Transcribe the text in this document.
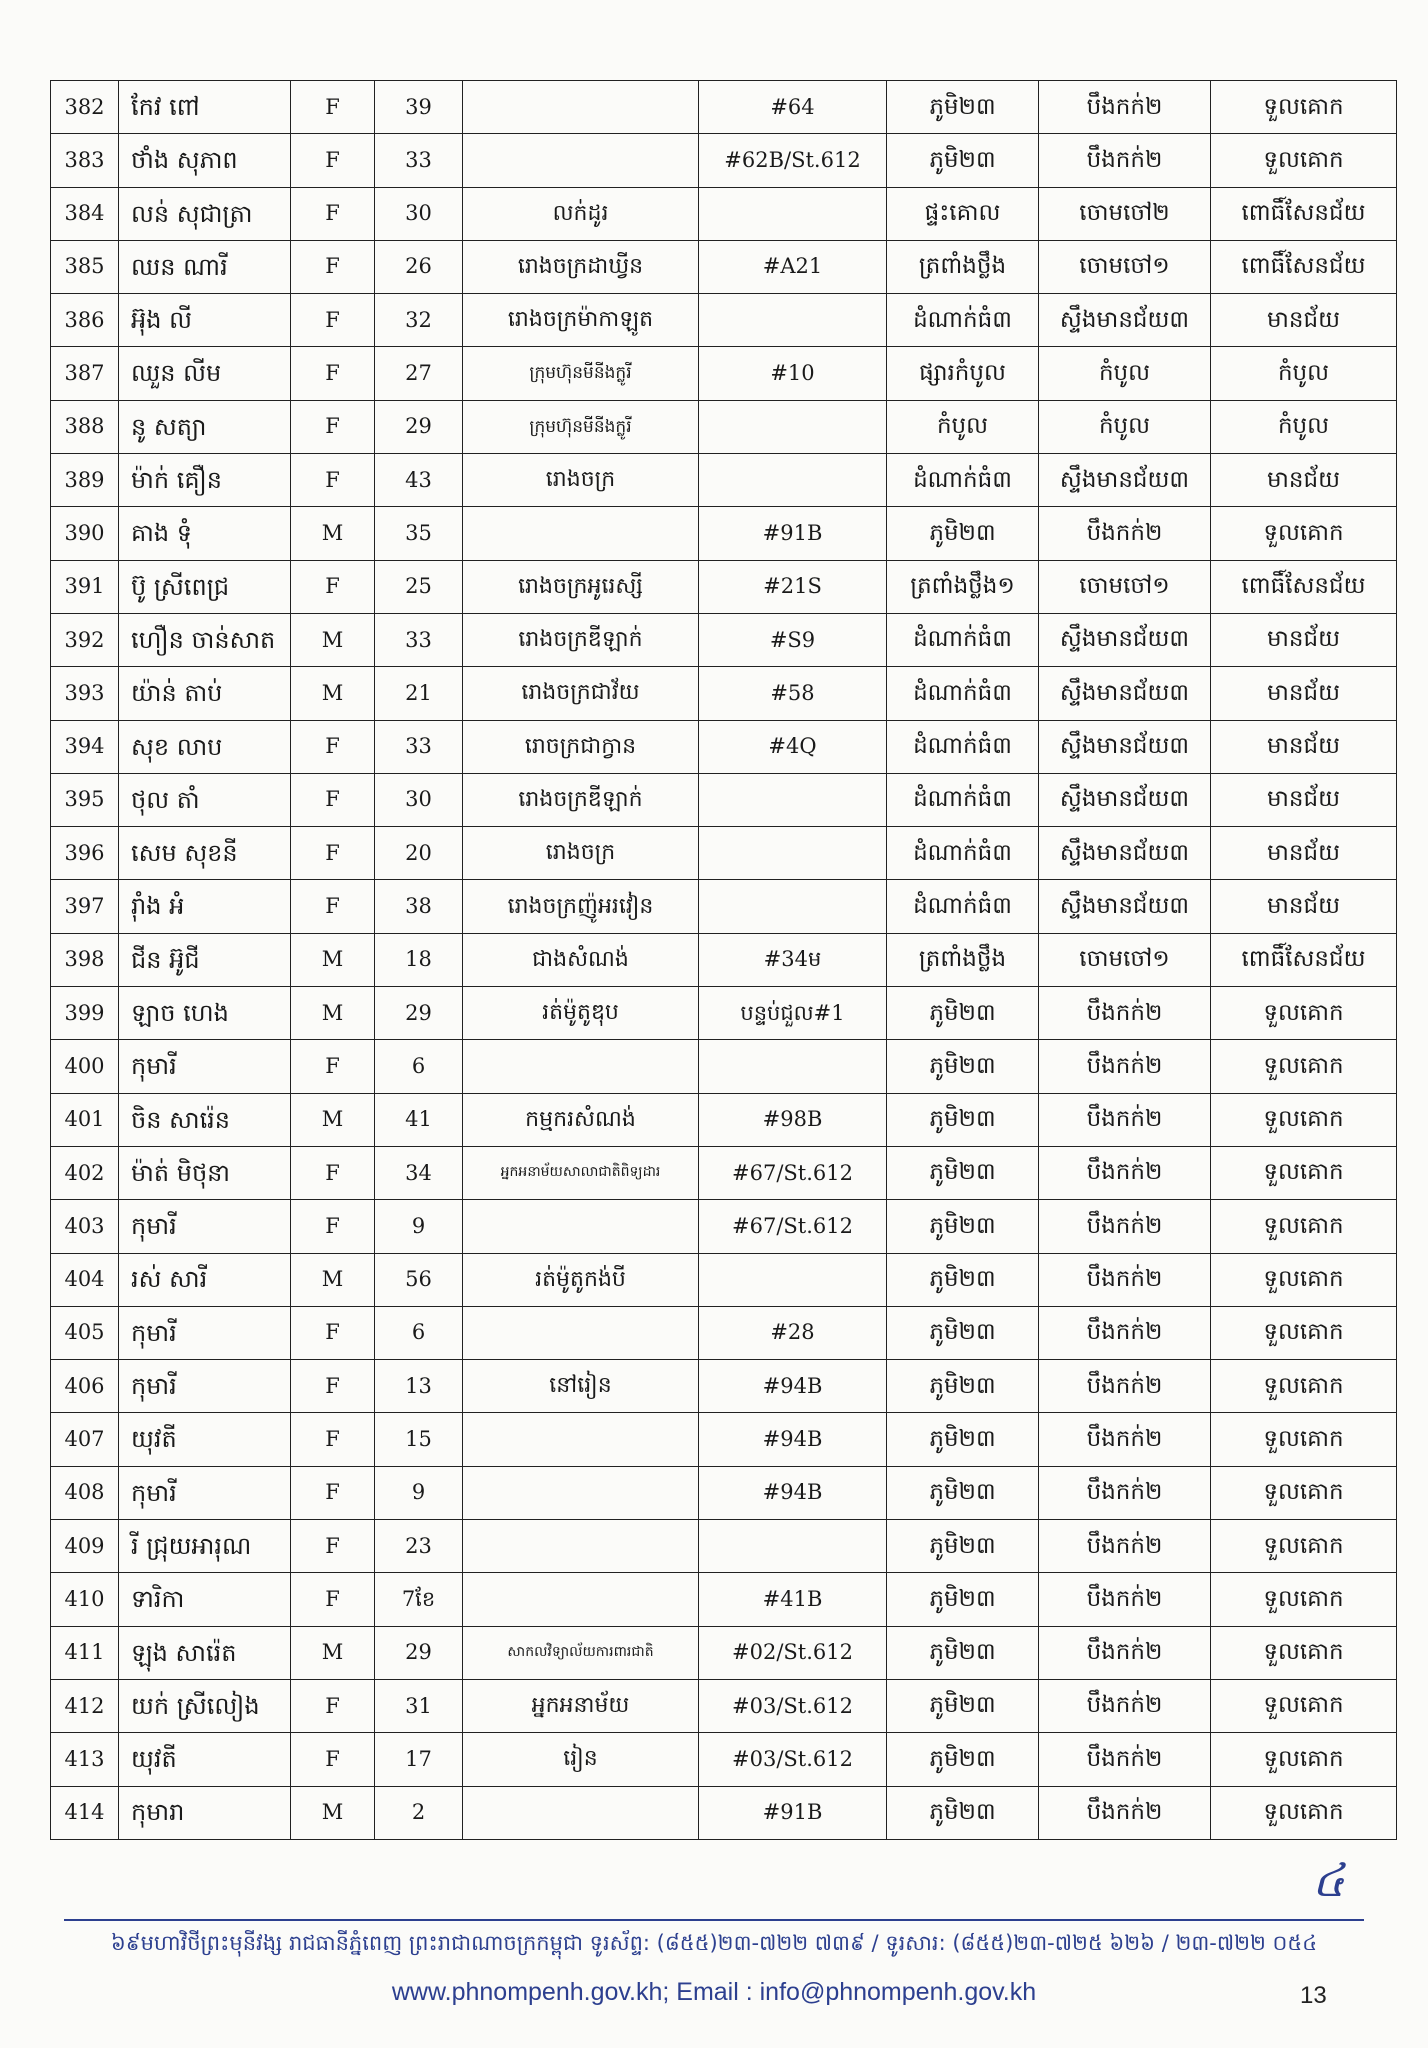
382	កែវ ពៅ	F	39		#64	ភូមិ២៣	បឹងកក់២	ទួលគោក
383	ថាំង សុភាព	F	33		#62B/St.612	ភូមិ២៣	បឹងកក់២	ទួលគោក
384	លន់ សុជាត្រា	F	30	លក់ដូរ		ផ្ទះគោល	ចោមចៅ២	ពោធិ៍សែនជ័យ
385	ឈន ណារី	F	26	រោងចក្រដាឃ្វីន	#A21	ត្រពាំងថ្លឹង	ចោមចៅ១	ពោធិ៍សែនជ័យ
386	អ៊ុង លី	F	32	រោងចក្រម៉ាកាឡូត		ដំណាក់ធំ៣	ស្ទឹងមានជ័យ៣	មានជ័យ
387	ឈួន លីម	F	27	ក្រុមហ៊ុនមីនីងក្លូរី	#10	ផ្សារកំបូល	កំបូល	កំបូល
388	នូ សត្យា	F	29	ក្រុមហ៊ុនមីនីងក្លូរី		កំបូល	កំបូល	កំបូល
389	ម៉ាក់ គឿន	F	43	រោងចក្រ		ដំណាក់ធំ៣	ស្ទឹងមានជ័យ៣	មានជ័យ
390	គាង ទុំ	M	35		#91B	ភូមិ២៣	បឹងកក់២	ទួលគោក
391	ប៊ូ ស្រីពេជ្រ	F	25	រោងចក្រអូរេស្សី	#21S	ត្រពាំងថ្លឹង១	ចោមចៅ១	ពោធិ៍សែនជ័យ
392	ហឿន ចាន់សាត	M	33	រោងចក្រឌីឡាក់	#S9	ដំណាក់ធំ៣	ស្ទឹងមានជ័យ៣	មានជ័យ
393	យ៉ាន់ តាប់	M	21	រោងចក្រជាវ័យ	#58	ដំណាក់ធំ៣	ស្ទឹងមានជ័យ៣	មានជ័យ
394	សុខ លាប	F	33	រោចក្រជាក្វាន	#4Q	ដំណាក់ធំ៣	ស្ទឹងមានជ័យ៣	មានជ័យ
395	ថុល តាំ	F	30	រោងចក្រឌីឡាក់		ដំណាក់ធំ៣	ស្ទឹងមានជ័យ៣	មានជ័យ
396	សេម សុខនី	F	20	រោងចក្រ		ដំណាក់ធំ៣	ស្ទឹងមានជ័យ៣	មានជ័យ
397	រ៉ាំង អំ	F	38	រោងចក្រញ៉ូអរវៀន		ដំណាក់ធំ៣	ស្ទឹងមានជ័យ៣	មានជ័យ
398	ជីន អ៊ូជី	M	18	ជាងសំណង់	#34ម	ត្រពាំងថ្លឹង	ចោមចៅ១	ពោធិ៍សែនជ័យ
399	ឡាច ហេង	M	29	រត់ម៉ូតូឌុប	បន្ទប់ជួល#1	ភូមិ២៣	បឹងកក់២	ទួលគោក
400	កុមារី	F	6			ភូមិ២៣	បឹងកក់២	ទួលគោក
401	ចិន សារ៉េន	M	41	កម្មករសំណង់	#98B	ភូមិ២៣	បឹងកក់២	ទួលគោក
402	ម៉ាត់ មិថុនា	F	34	អ្នកអនាម័យសាលាជាតិពិទ្យដារ	#67/St.612	ភូមិ២៣	បឹងកក់២	ទួលគោក
403	កុមារី	F	9		#67/St.612	ភូមិ២៣	បឹងកក់២	ទួលគោក
404	រស់ សារី	M	56	រត់ម៉ូតូកង់បី		ភូមិ២៣	បឹងកក់២	ទួលគោក
405	កុមារី	F	6		#28	ភូមិ២៣	បឹងកក់២	ទួលគោក
406	កុមារី	F	13	នៅរៀន	#94B	ភូមិ២៣	បឹងកក់២	ទួលគោក
407	យុវតី	F	15		#94B	ភូមិ២៣	បឹងកក់២	ទួលគោក
408	កុមារី	F	9		#94B	ភូមិ២៣	បឹងកក់២	ទួលគោក
409	រី ជ្រុយអារុណ	F	23			ភូមិ២៣	បឹងកក់២	ទួលគោក
410	ទារិកា	F	7ខែ		#41B	ភូមិ២៣	បឹងកក់២	ទួលគោក
411	ឡុង សារ៉េត	M	29	សាកលវិទ្យាល័យការពារជាតិ	#02/St.612	ភូមិ២៣	បឹងកក់២	ទួលគោក
412	យក់ ស្រីលៀង	F	31	អ្នកអនាម័យ	#03/St.612	ភូមិ២៣	បឹងកក់២	ទួលគោក
413	យុវតី	F	17	រៀន	#03/St.612	ភូមិ២៣	បឹងកក់២	ទួលគោក
414	កុមារា	M	2		#91B	ភូមិ២៣	បឹងកក់២	ទួលគោក
៤
៦៩មហាវិថីព្រះមុនីវង្ស រាជធានីភ្នំពេញ ព្រះរាជាណាចក្រកម្ពុជា ទូរស័ព្ទ: (៨៥៥)២៣-៧២២ ៧៣៩ / ទូរសារ: (៨៥៥)២៣-៧២៥ ៦២៦ / ២៣-៧២២ ០៥៤
www.phnompenh.gov.kh; Email : info@phnompenh.gov.kh	13
